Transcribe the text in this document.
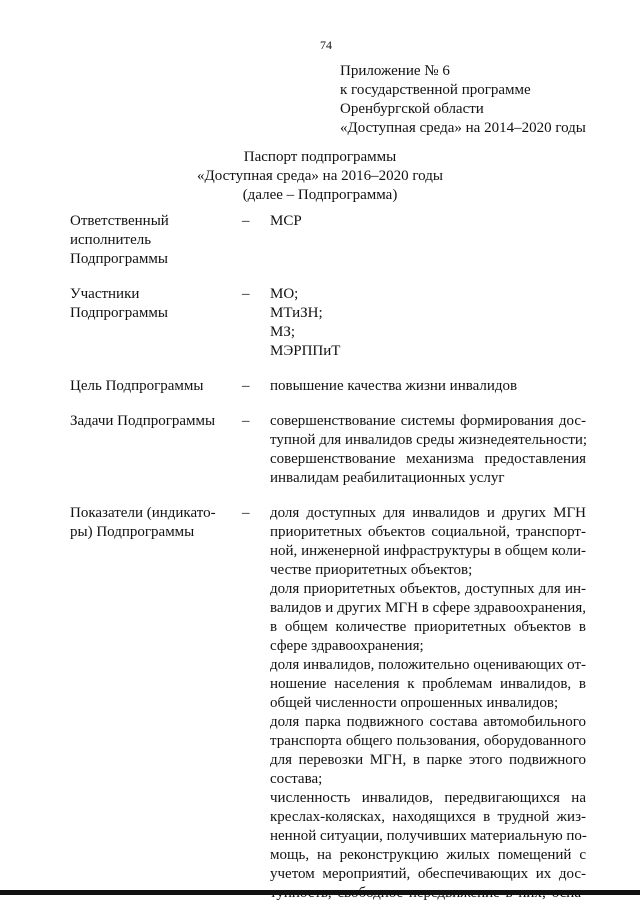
74
Приложение № 6
к государственной программе
Оренбургской области
«Доступная среда» на 2014–2020 годы
Паспорт подпрограммы
«Доступная среда» на 2016–2020 годы
(далее – Подпрограмма)
Ответственный
исполнитель
Подпрограммы
–	МСР
Участники
Подпрограммы
–	МО;
МТиЗН;
МЗ;
МЭРППиТ
Цель Подпрограммы	–	повышение качества жизни инвалидов
Задачи Подпрограммы	–	совершенствование системы формирования дос-
тупной для инвалидов среды жизнедеятельности;
совершенствование механизма предоставления
инвалидам реабилитационных услуг
Показатели (индикато-
ры) Подпрограммы
–	доля доступных для инвалидов и других МГН
приоритетных объектов социальной, транспорт-
ной, инженерной инфраструктуры в общем коли-
честве приоритетных объектов;
доля приоритетных объектов, доступных для ин-
валидов и других МГН в сфере здравоохранения,
в общем количестве приоритетных объектов в
сфере здравоохранения;
доля инвалидов, положительно оценивающих от-
ношение населения к проблемам инвалидов, в
общей численности опрошенных инвалидов;
доля парка подвижного состава автомобильного
транспорта общего пользования, оборудованного
для перевозки МГН, в парке этого подвижного
состава;
численность инвалидов, передвигающихся на
креслах-колясках, находящихся в трудной жиз-
ненной ситуации, получивших материальную по-
мощь, на реконструкцию жилых помещений с
учетом мероприятий, обеспечивающих их дос-
